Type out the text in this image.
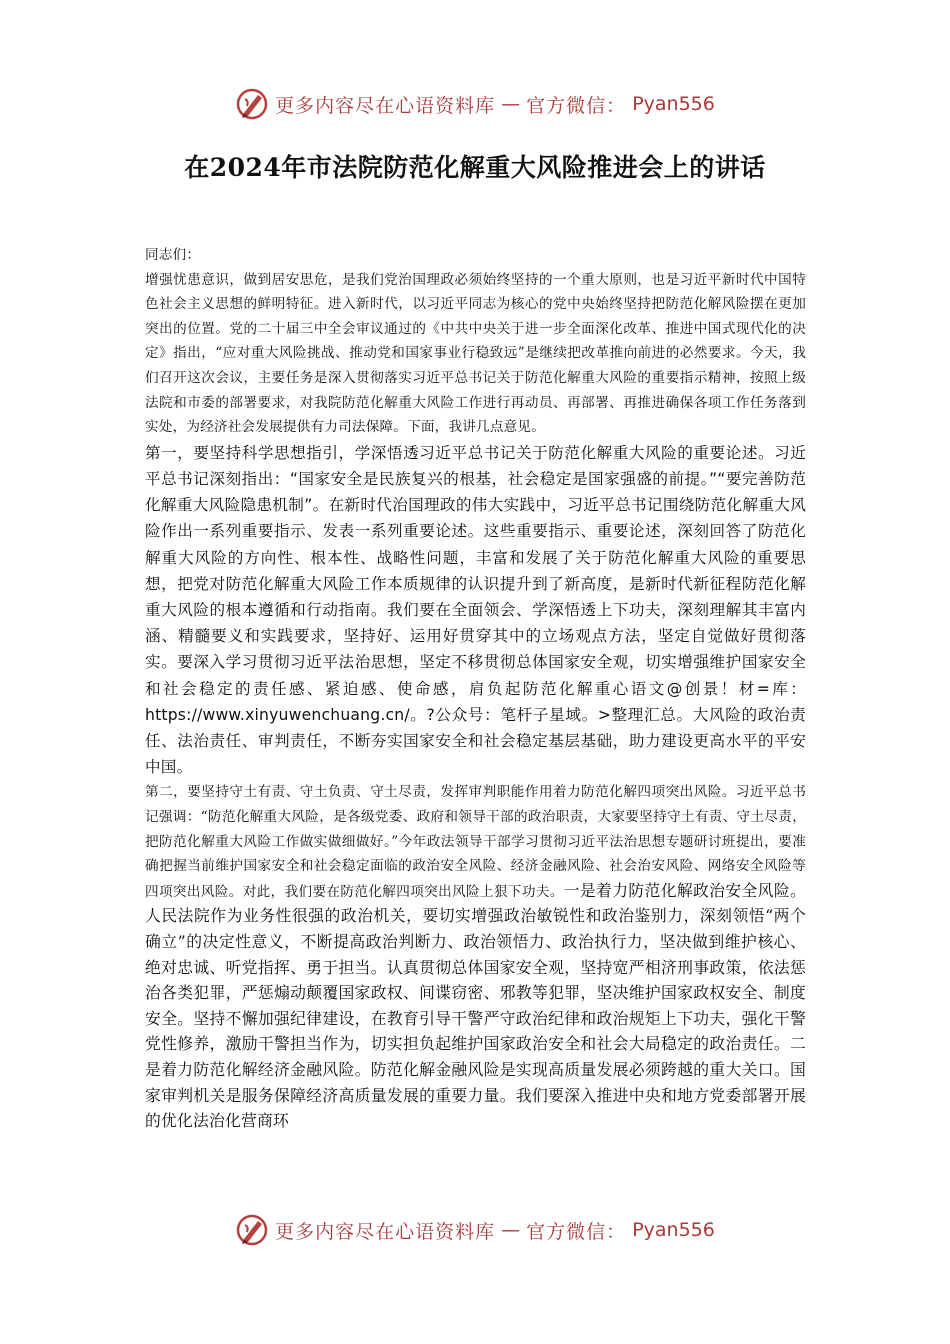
更多内容尽在心语资料库 — 官方微信： Pyan556
在2024年市法院防范化解重大风险推进会上的讲话

同志们：

增强忧患意识，做到居安思危，是我们党治国理政必须始终坚持的一个重大原则，也是习近平新时代中国特色社会主义思想的鲜明特征。进入新时代，以习近平同志为核心的党中央始终坚持把防范化解风险摆在更加突出的位置。党的二十届三中全会审议通过的《中共中央关于进一步全面深化改革、推进中国式现代化的决定》指出，“应对重大风险挑战、推动党和国家事业行稳致远”是继续把改革推向前进的必然要求。今天，我们召开这次会议，主要任务是深入贯彻落实习近平总书记关于防范化解重大风险的重要指示精神，按照上级法院和市委的部署要求，对我院防范化解重大风险工作进行再动员、再部署、再推进确保各项工作任务落到实处，为经济社会发展提供有力司法保障。下面，我讲几点意见。

第一，要坚持科学思想指引，学深悟透习近平总书记关于防范化解重大风险的重要论述。习近平总书记深刻指出：“国家安全是民族复兴的根基，社会稳定是国家强盛的前提。”“要完善防范化解重大风险隐患机制”。在新时代治国理政的伟大实践中，习近平总书记围绕防范化解重大风险作出一系列重要指示、发表一系列重要论述。这些重要指示、重要论述，深刻回答了防范化解重大风险的方向性、根本性、战略性问题，丰富和发展了关于防范化解重大风险的重要思想，把党对防范化解重大风险工作本质规律的认识提升到了新高度，是新时代新征程防范化解重大风险的根本遵循和行动指南。我们要在全面领会、学深悟透上下功夫，深刻理解其丰富内涵、精髓要义和实践要求，坚持好、运用好贯穿其中的立场观点方法，坚定自觉做好贯彻落实。要深入学习贯彻习近平法治思想，坚定不移贯彻总体国家安全观，切实增强维护国家安全和社会稳定的责任感、紧迫感、使命感，肩负起防范化解重心语文@创景！材=库：https://www.xinyuwenchuang.cn/。?公众号：笔杆子星域。>整理汇总。大风险的政治责任、法治责任、审判责任，不断夯实国家安全和社会稳定基层基础，助力建设更高水平的平安中国。

第二，要坚持守土有责、守土负责、守土尽责，发挥审判职能作用着力防范化解四项突出风险。习近平总书记强调：“防范化解重大风险，是各级党委、政府和领导干部的政治职责，大家要坚持守土有责、守土尽责，把防范化解重大风险工作做实做细做好。”今年政法领导干部学习贯彻习近平法治思想专题研讨班提出，要准确把握当前维护国家安全和社会稳定面临的政治安全风险、经济金融风险、社会治安风险、网络安全风险等四项突出风险。对此，我们要在防范化解四项突出风险上狠下功夫。一是着力防范化解政治安全风险。人民法院作为业务性很强的政治机关，要切实增强政治敏锐性和政治鉴别力，深刻领悟“两个确立”的决定性意义，不断提高政治判断力、政治领悟力、政治执行力，坚决做到维护核心、绝对忠诚、听党指挥、勇于担当。认真贯彻总体国家安全观，坚持宽严相济刑事政策，依法惩治各类犯罪，严惩煽动颠覆国家政权、间谍窃密、邪教等犯罪，坚决维护国家政权安全、制度安全。坚持不懈加强纪律建设，在教育引导干警严守政治纪律和政治规矩上下功夫，强化干警党性修养，激励干警担当作为，切实担负起维护国家政治安全和社会大局稳定的政治责任。二是着力防范化解经济金融风险。防范化解金融风险是实现高质量发展必须跨越的重大关口。国家审判机关是服务保障经济高质量发展的重要力量。我们要深入推进中央和地方党委部署开展的优化法治化营商环

更多内容尽在心语资料库 — 官方微信： Pyan556
